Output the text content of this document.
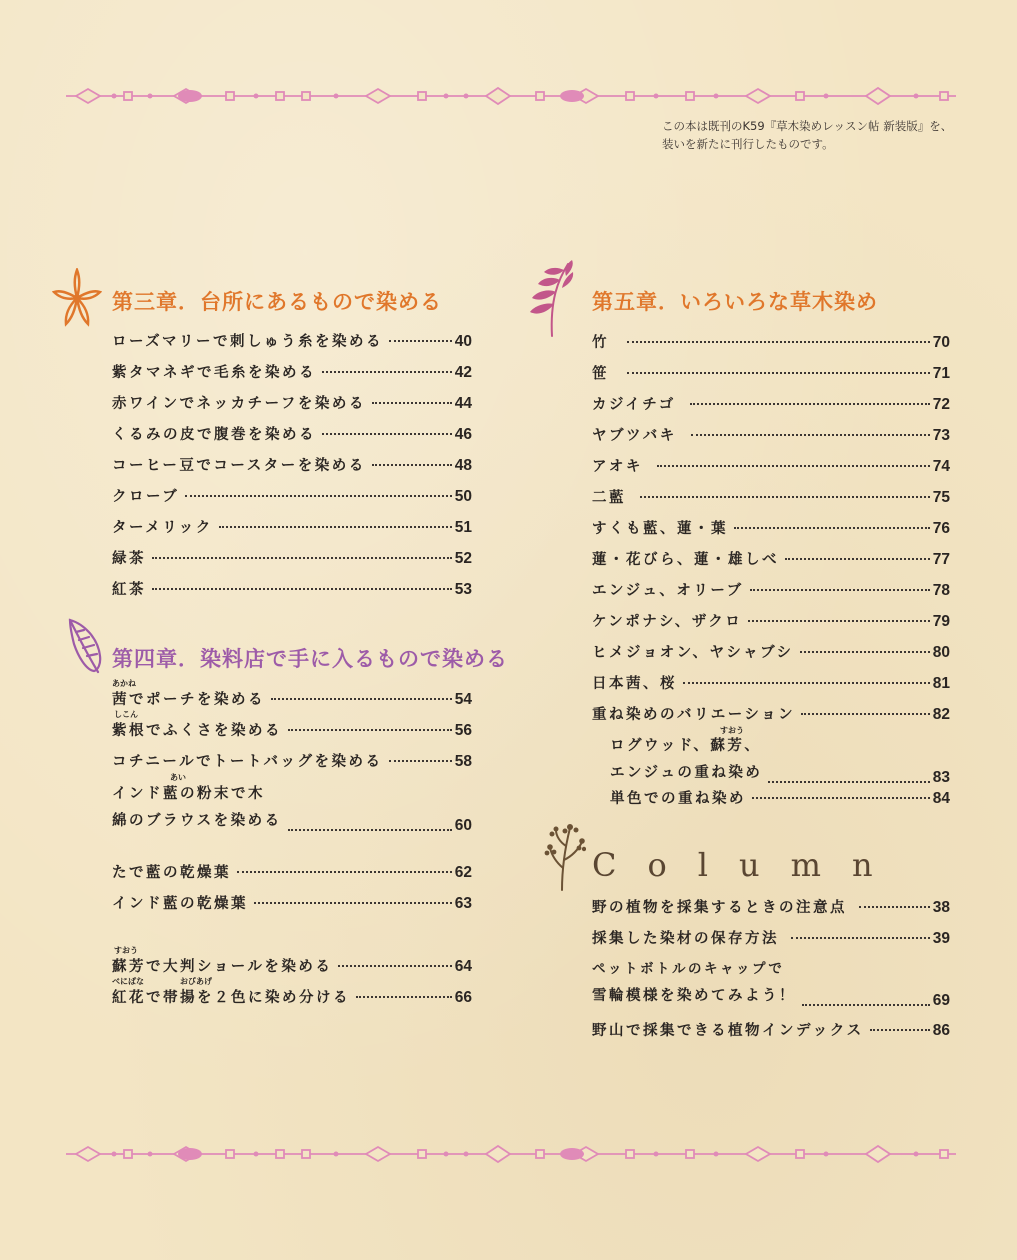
この本は既刊のK59『草木染めレッスン帖 新装版』を、
装いを新たに刊行したものです。
第三章．台所にあるもので染める
ローズマリーで刺しゅう糸を染める	40
紫タマネギで毛糸を染める	42
赤ワインでネッカチーフを染める	44
くるみの皮で腹巻を染める	46
コーヒー豆でコースターを染める	48
クローブ	50
ターメリック	51
緑茶	52
紅茶	53
第四章．染料店で手に入るもので染める
あかね
茜でポーチを染める	54
しこん
紫根でふくさを染める	56
コチニールでトートバッグを染める	58
あい
インド藍の粉末で木
綿のブラウスを染める	60
たで藍の乾燥葉	62
インド藍の乾燥葉	63
すおう
蘇芳で大判ショールを染める	64
べにばな	おびあげ
紅花で帯揚を２色に染め分ける	66
第五章．いろいろな草木染め
竹	70
笹	71
カジイチゴ	72
ヤブツバキ	73
アオキ	74
二藍	75
すくも藍、蓮・葉	76
蓮・花びら、蓮・雄しべ	77
エンジュ、オリーブ	78
ケンポナシ、ザクロ	79
ヒメジョオン、ヤシャブシ	80
日本茜、桜	81
重ね染めのバリエーション	82
すおう
ログウッド、蘇芳、
エンジュの重ね染め	83
単色での重ね染め	84
Column
野の植物を採集するときの注意点	38
採集した染材の保存方法	39
ペットボトルのキャップで
雪輪模様を染めてみよう！	69
野山で採集できる植物インデックス	86
